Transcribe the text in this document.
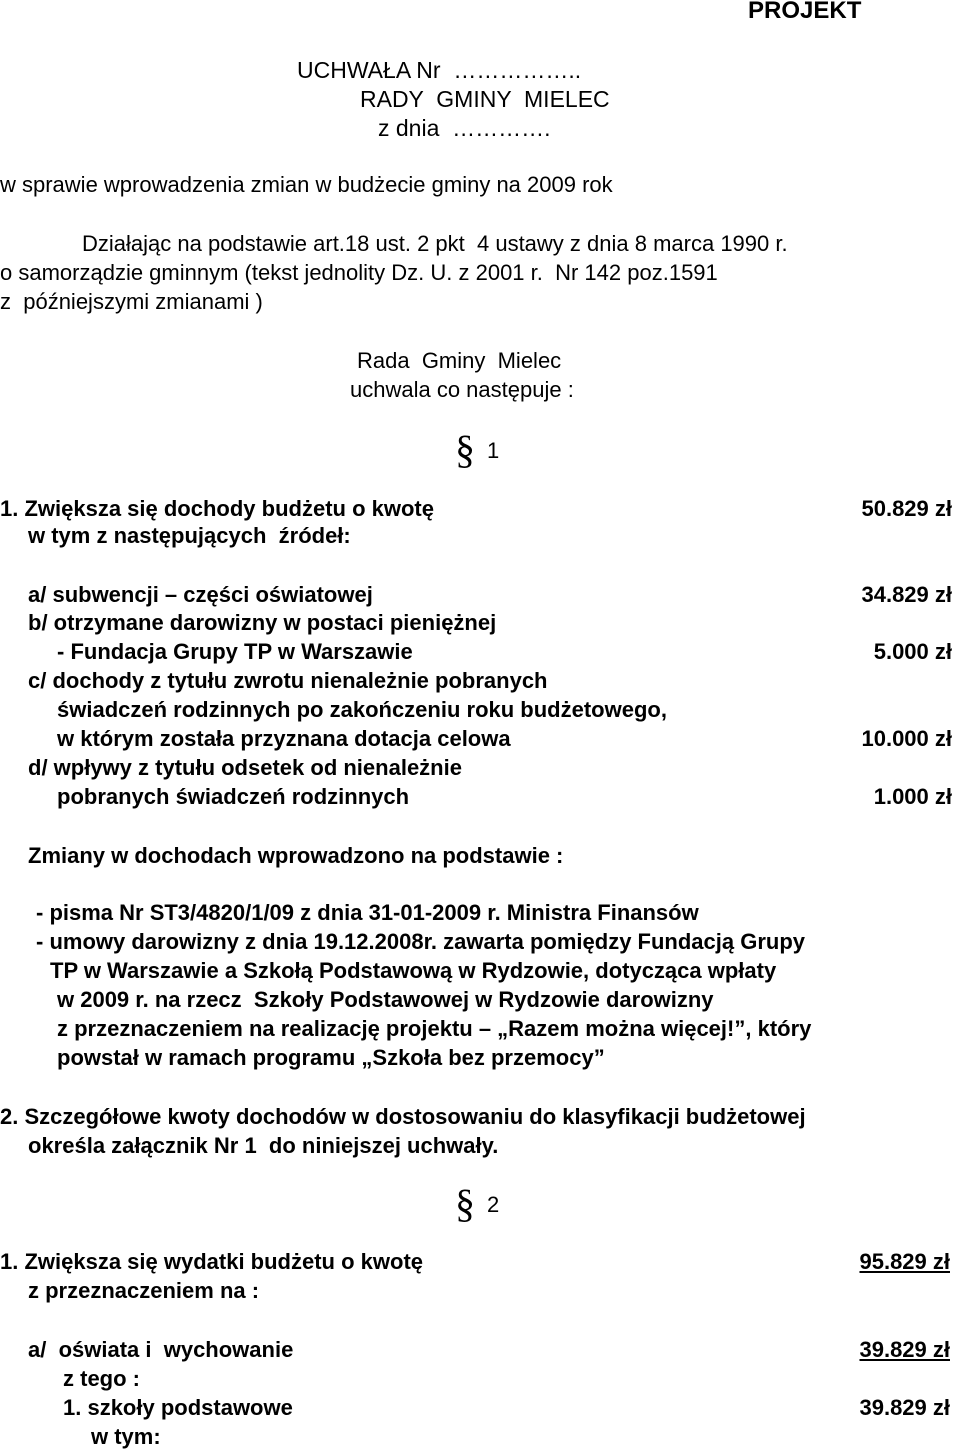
PROJEKT
UCHWAŁA Nr  ……………..
RADY  GMINY  MIELEC
z dnia  ………….
w sprawie wprowadzenia zmian w budżecie gminy na 2009 rok
Działając na podstawie art.18 ust. 2 pkt  4 ustawy z dnia 8 marca 1990 r.
o samorządzie gminnym (tekst jednolity Dz. U. z 2001 r.  Nr 142 poz.1591
z  późniejszymi zmianami )
Rada  Gminy  Mielec
uchwala co następuje :
§ 1
1. Zwiększa się dochody budżetu o kwotę	50.829 zł
w tym z następujących  źródeł:
a/ subwencji – części oświatowej	34.829 zł
b/ otrzymane darowizny w postaci pieniężnej
- Fundacja Grupy TP w Warszawie	5.000 zł
c/ dochody z tytułu zwrotu nienależnie pobranych
świadczeń rodzinnych po zakończeniu roku budżetowego,
w którym została przyznana dotacja celowa	10.000 zł
d/ wpływy z tytułu odsetek od nienależnie
pobranych świadczeń rodzinnych	1.000 zł
Zmiany w dochodach wprowadzono na podstawie :
- pisma Nr ST3/4820/1/09 z dnia 31-01-2009 r. Ministra Finansów
- umowy darowizny z dnia 19.12.2008r. zawarta pomiędzy Fundacją Grupy
TP w Warszawie a Szkołą Podstawową w Rydzowie, dotycząca wpłaty
w 2009 r. na rzecz  Szkoły Podstawowej w Rydzowie darowizny
z przeznaczeniem na realizację projektu – „Razem można więcej!”, który
powstał w ramach programu „Szkoła bez przemocy”
2. Szczegółowe kwoty dochodów w dostosowaniu do klasyfikacji budżetowej
określa załącznik Nr 1  do niniejszej uchwały.
§ 2
1. Zwiększa się wydatki budżetu o kwotę	95.829 zł
z przeznaczeniem na :
a/  oświata i  wychowanie	39.829 zł
z tego :
1. szkoły podstawowe	39.829 zł
w tym:
